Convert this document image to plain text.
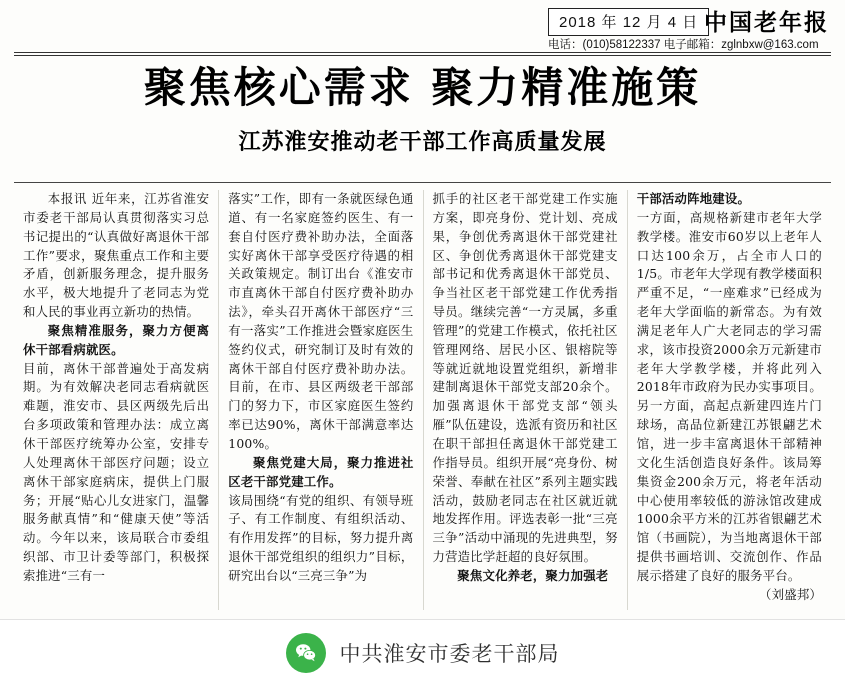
2018 年 12 月 4 日 中国老年报
电话：(010)58122337 电子邮箱：zglnbxw@163.com
聚焦核心需求 聚力精准施策
江苏淮安推动老干部工作高质量发展

本报讯 近年来，江苏省淮安市委老干部局认真贯彻落实习总书记提出的“认真做好离退休干部工作”要求，聚焦重点工作和主要矛盾，创新服务理念，提升服务水平，极大地提升了老同志为党和人民的事业再立新功的热情。

聚焦精准服务，聚力方便离休干部看病就医。

目前，离休干部普遍处于高发病期。为有效解决老同志看病就医难题，淮安市、县区两级先后出台多项政策和管理办法：成立离休干部医疗统筹办公室，安排专人处理离休干部医疗问题；设立离休干部家庭病床，提供上门服务；开展“贴心儿女进家门，温馨服务献真情”和“健康天使”等活动。今年以来，该局联合市委组织部、市卫计委等部门，积极探索推进“三有一

落实”工作，即有一条就医绿色通道、有一名家庭签约医生、有一套自付医疗费补助办法，全面落实好离休干部享受医疗待遇的相关政策规定。制订出台《淮安市市直离休干部自付医疗费补助办法》，牵头召开离休干部医疗“三有一落实”工作推进会暨家庭医生签约仪式，研究制订及时有效的离休干部自付医疗费补助办法。目前，在市、县区两级老干部部门的努力下，市区家庭医生签约率已达90%，离休干部满意率达100%。

聚焦党建大局，聚力推进社区老干部党建工作。

该局围绕“有党的组织、有领导班子、有工作制度、有组织活动、有作用发挥”的目标，努力提升离退休干部党组织的组织力”目标，研究出台以“三亮三争”为

抓手的社区老干部党建工作实施方案，即亮身份、党计划、亮成果，争创优秀离退休干部党建社区、争创优秀离退休干部党建支部书记和优秀离退休干部党员、争当社区老干部党建工作优秀指导员。继续完善“一方灵属，多重管理”的党建工作模式，依托社区管理网络、居民小区、银榕院等等就近就地设置党组织，新增非建制离退休干部党支部20余个。加强离退休干部党支部“领头雁”队伍建设，选派有资历和社区在职干部担任离退休干部党建工作指导员。组织开展“亮身份、树荣誉、奉献在社区”系列主题实践活动，鼓励老同志在社区就近就地发挥作用。评选表彰一批“三亮三争”活动中涌现的先进典型，努力营造比学赶超的良好氛围。

聚焦文化养老，聚力加强老

干部活动阵地建设。

一方面，高规格新建市老年大学教学楼。淮安市60岁以上老年人口达100余万，占全市人口的1/5。市老年大学现有教学楼面积严重不足，“一座难求”已经成为老年大学面临的新常态。为有效满足老年人广大老同志的学习需求，该市投资2000余万元新建市老年大学教学楼，并将此列入2018年市政府为民办实事项目。另一方面，高起点新建四连片门球场，高品位新建江苏银翩艺术馆，进一步丰富离退休干部精神文化生活创造良好条件。该局筹集资金200余万元，将老年活动中心使用率较低的游泳馆改建成1000余平方米的江苏省银翩艺术馆（书画院），为当地离退休干部提供书画培训、交流创作、作品展示搭建了良好的服务平台。

（刘盛邦）

中共淮安市委老干部局
